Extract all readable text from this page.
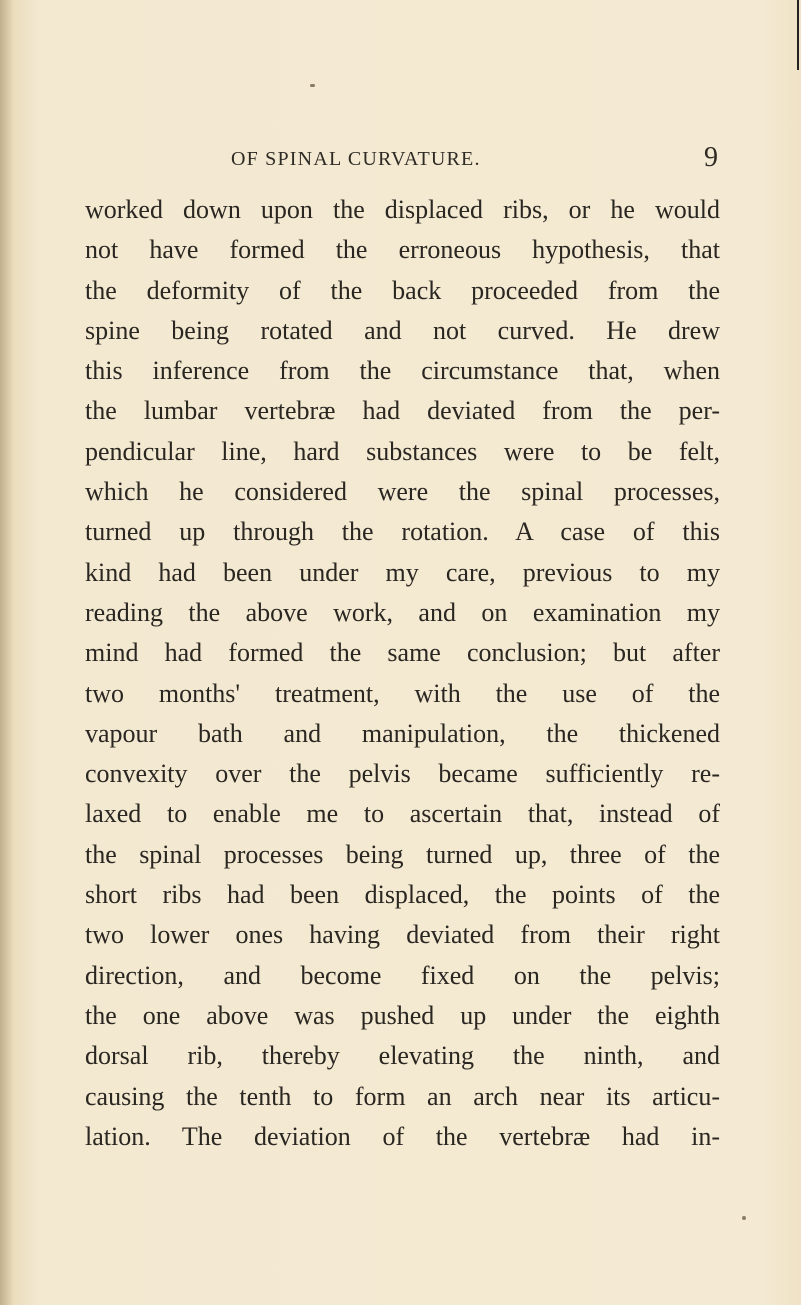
OF SPINAL CURVATURE.	9
worked down upon the displaced ribs, or he would
not have formed the erroneous hypothesis, that
the deformity of the back proceeded from the
spine being rotated and not curved. He drew
this inference from the circumstance that, when
the lumbar vertebræ had deviated from the per-
pendicular line, hard substances were to be felt,
which he considered were the spinal processes,
turned up through the rotation. A case of this
kind had been under my care, previous to my
reading the above work, and on examination my
mind had formed the same conclusion; but after
two months' treatment, with the use of the
vapour bath and manipulation, the thickened
convexity over the pelvis became sufficiently re-
laxed to enable me to ascertain that, instead of
the spinal processes being turned up, three of the
short ribs had been displaced, the points of the
two lower ones having deviated from their right
direction, and become fixed on the pelvis;
the one above was pushed up under the eighth
dorsal rib, thereby elevating the ninth, and
causing the tenth to form an arch near its articu-
lation. The deviation of the vertebræ had in-
